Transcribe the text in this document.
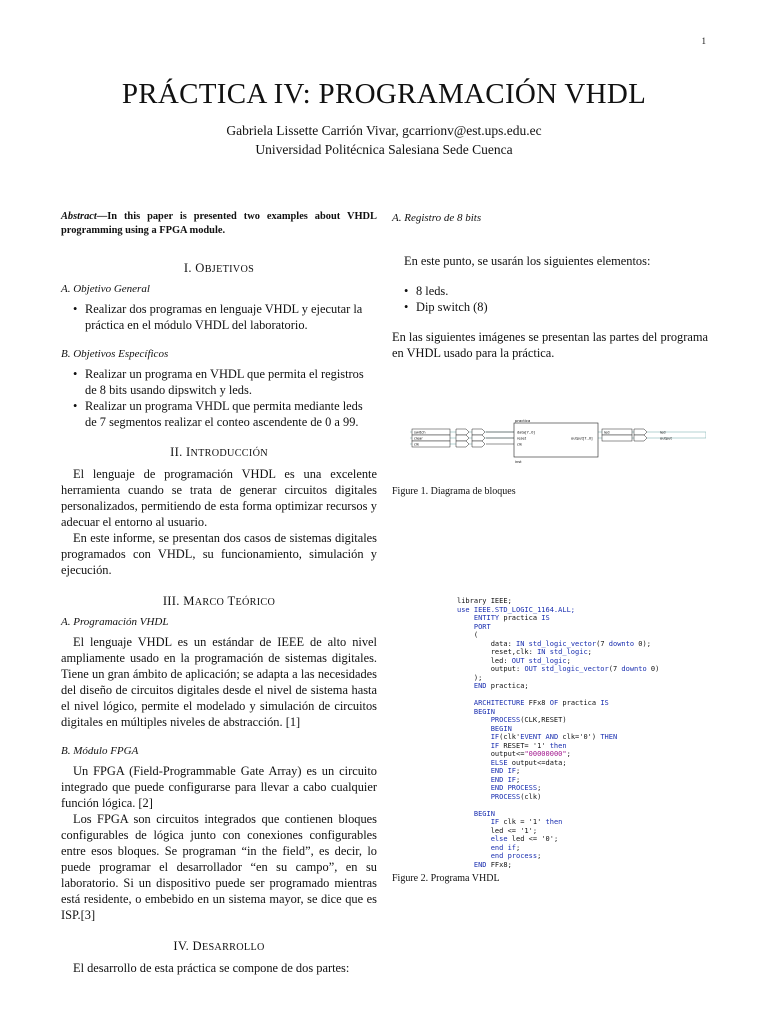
1
PRÁCTICA IV: PROGRAMACIÓN VHDL
Gabriela Lissette Carrión Vivar, gcarrionv@est.ups.edu.ec
Universidad Politécnica Salesiana Sede Cuenca
Abstract—In this paper is presented two examples about VHDL programming using a FPGA module.
I. OBJETIVOS
A. Objetivo General
• Realizar dos programas en lenguaje VHDL y ejecutar la práctica en el módulo VHDL del laboratorio.
B. Objetivos Específicos
• Realizar un programa en VHDL que permita el registros de 8 bits usando dipswitch y leds.
• Realizar un programa VHDL que permita mediante leds de 7 segmentos realizar el conteo ascendente de 0 a 99.
II. INTRODUCCIÓN

El lenguaje de programación VHDL es una excelente herramienta cuando se trata de generar circuitos digitales personalizados, permitiendo de esta forma optimizar recursos y adecuar el entorno al usuario.

En este informe, se presentan dos casos de sistemas digitales programados con VHDL, su funcionamiento, simulación y ejecución.

III. MARCO TEÓRICO
A. Programación VHDL

El lenguaje VHDL es un estándar de IEEE de alto nivel ampliamente usado en la programación de sistemas digitales. Tiene un gran ámbito de aplicación; se adapta a las necesidades del diseño de circuitos digitales desde el nivel de sistema hasta el nivel lógico, permite el modelado y simulación de circuitos digitales en múltiples niveles de abstracción. [1]

B. Módulo FPGA

Un FPGA (Field-Programmable Gate Array) es un circuito integrado que puede configurarse para llevar a cabo cualquier función lógica. [2]

Los FPGA son circuitos integrados que contienen bloques configurables de lógica junto con conexiones configurables entre esos bloques. Se programan “in the field”, es decir, lo puede programar el desarrollador “en su campo”, en su laboratorio. Si un dispositivo puede ser programado mientras está residente, o embebido en un sistema mayor, se dice que es ISP.[3]

IV. DESARROLLO

El desarrollo de esta práctica se compone de dos partes:

A. Registro de 8 bits

En este punto, se usarán los siguientes elementos:

• 8 leds.
• Dip switch (8)

En las siguientes imágenes se presentan las partes del programa en VHDL usado para la práctica.

switch
clear
clk
practica
data[7..0]
reset
clk
output[7..0]
inst
led
output
led
Figure 1. Diagrama de bloques
library IEEE;
use IEEE.STD_LOGIC_1164.ALL;
ENTITY practica IS
PORT
(
data: IN std_logic_vector(7 downto 0);
reset,clk: IN std_logic;
led: OUT std_logic;
output: OUT std_logic_vector(7 downto 0)
);
END practica;

ARCHITECTURE FFx8 OF practica IS
BEGIN
PROCESS(CLK,RESET)
BEGIN
IF(clk'EVENT AND clk='0') THEN
IF RESET= '1' then
output<="00000000";
ELSE output<=data;
END IF;
END IF;
END PROCESS;
PROCESS(clk)

BEGIN
IF clk = '1' then
led <= '1';
else led <= '0';
end if;
end process;
END FFx8;
Figure 2. Programa VHDL
